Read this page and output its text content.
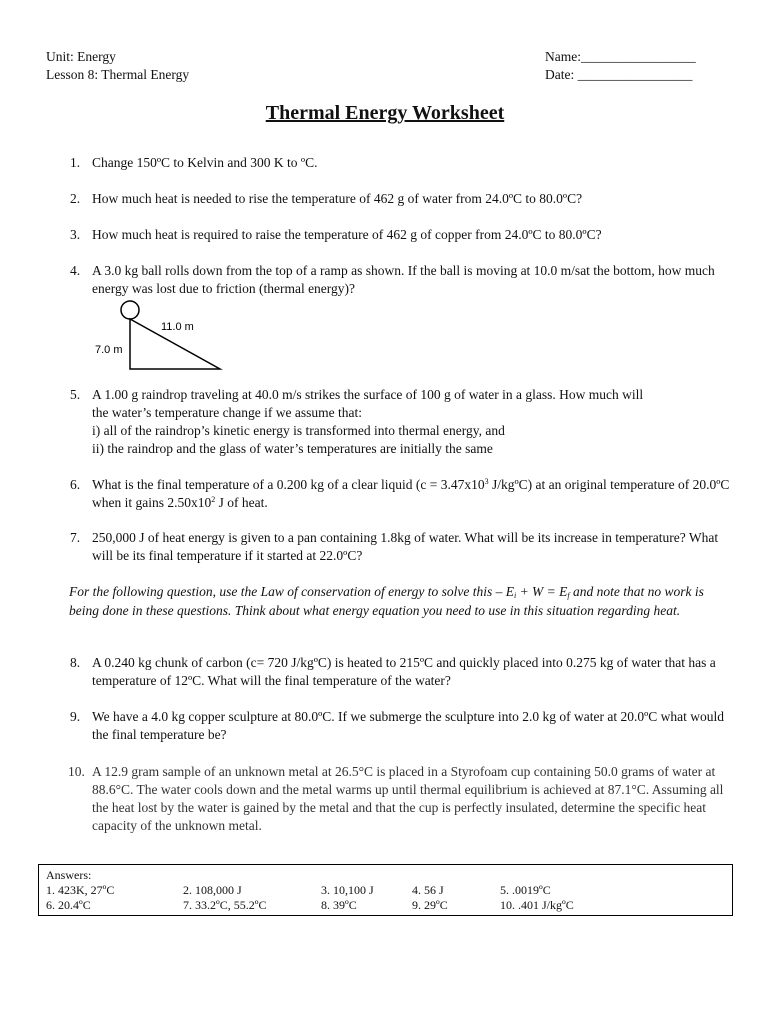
Unit: Energy
Lesson 8: Thermal Energy
Name:_________________
Date: _________________
Thermal Energy Worksheet
1. Change 150ºC to Kelvin and 300 K to ºC.
2. How much heat is needed to rise the temperature of 462 g of water from 24.0ºC to 80.0ºC?
3. How much heat is required to raise the temperature of 462 g of copper from 24.0ºC to 80.0ºC?
4. A 3.0 kg ball rolls down from the top of a ramp as shown. If the ball is moving at 10.0 m/sat the bottom, how much energy was lost due to friction (thermal energy)?
11.0 m
7.0 m
5. A 1.00 g raindrop traveling at 40.0 m/s strikes the surface of 100 g of water in a glass. How much will
the water’s temperature change if we assume that:
i) all of the raindrop’s kinetic energy is transformed into thermal energy, and
ii) the raindrop and the glass of water’s temperatures are initially the same
6. What is the final temperature of a 0.200 kg of a clear liquid ($c = 3.47x10^3$ J/kgºC) at an original temperature of 20.0ºC when it gains $2.50x10^2$ J of heat.
7. 250,000 J of heat energy is given to a pan containing 1.8kg of water. What will be its increase in temperature? What will be its final temperature if it started at 22.0ºC?
For the following question, use the Law of conservation of energy to solve this – $E_i + W = E_f$ and note that no work is being done in these questions. Think about what energy equation you need to use in this situation regarding heat.
8. A 0.240 kg chunk of carbon (c= 720 J/kgºC) is heated to 215ºC and quickly placed into 0.275 kg of water that has a temperature of 12ºC. What will the final temperature of the water?
9. We have a 4.0 kg copper sculpture at 80.0ºC. If we submerge the sculpture into 2.0 kg of water at 20.0ºC what would the final temperature be?
10. A 12.9 gram sample of an unknown metal at 26.5°C is placed in a Styrofoam cup containing 50.0 grams of water at 88.6°C. The water cools down and the metal warms up until thermal equilibrium is achieved at 87.1°C. Assuming all the heat lost by the water is gained by the metal and that the cup is perfectly insulated, determine the specific heat capacity of the unknown metal.
Answers:
1. 423K, 27ºC	2. 108,000 J	3. 10,100 J	4. 56 J	5. .0019ºC
6. 20.4ºC	7. 33.2ºC, 55.2ºC	8. 39ºC	9. 29ºC	10. .401 J/kgºC
